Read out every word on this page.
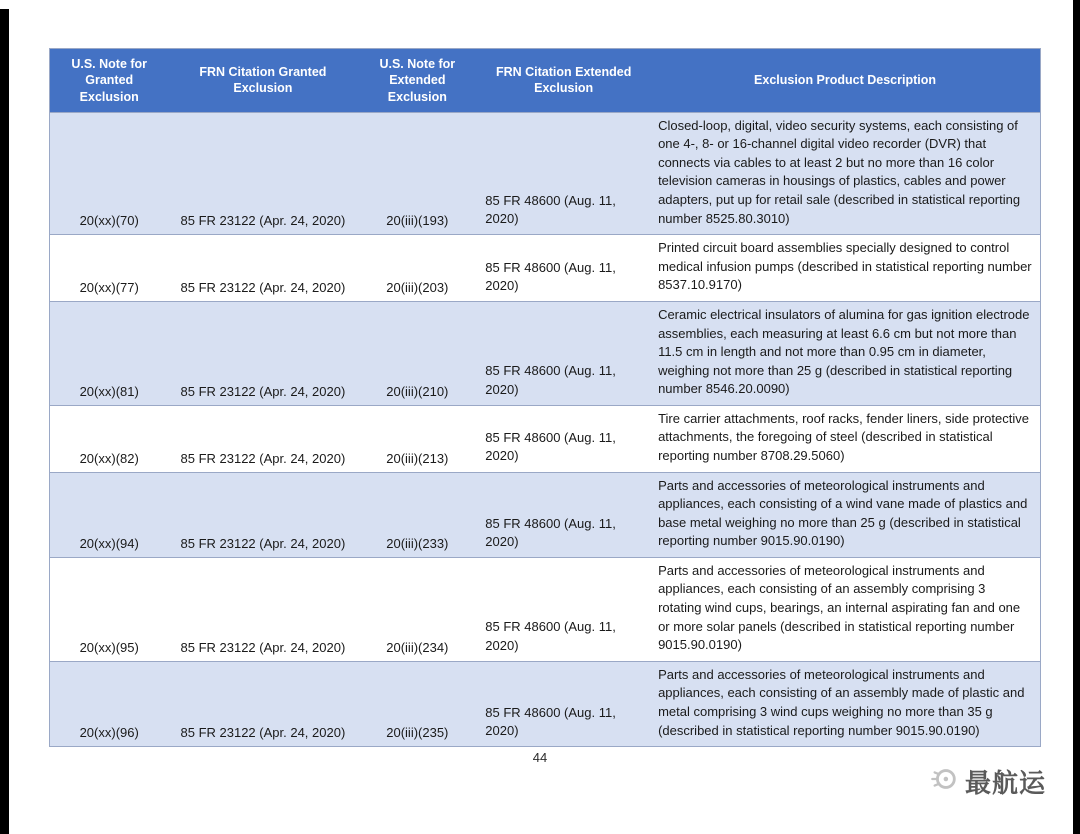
U.S. Note for Granted Exclusion	FRN Citation Granted Exclusion	U.S. Note for Extended Exclusion	FRN Citation Extended Exclusion	Exclusion Product Description
20(xx)(70)	85 FR 23122 (Apr. 24, 2020)	20(iii)(193)	85 FR 48600 (Aug. 11, 2020)	Closed-loop, digital, video security systems, each consisting of one 4-, 8- or 16-channel digital video recorder (DVR) that connects via cables to at least 2 but no more than 16 color television cameras in housings of plastics, cables and power adapters, put up for retail sale (described in statistical reporting number 8525.80.3010)
20(xx)(77)	85 FR 23122 (Apr. 24, 2020)	20(iii)(203)	85 FR 48600 (Aug. 11, 2020)	Printed circuit board assemblies specially designed to control medical infusion pumps (described in statistical reporting number 8537.10.9170)
20(xx)(81)	85 FR 23122 (Apr. 24, 2020)	20(iii)(210)	85 FR 48600 (Aug. 11, 2020)	Ceramic electrical insulators of alumina for gas ignition electrode assemblies, each measuring at least 6.6 cm but not more than 11.5 cm in length and not more than 0.95 cm in diameter, weighing not more than 25 g (described in statistical reporting number 8546.20.0090)
20(xx)(82)	85 FR 23122 (Apr. 24, 2020)	20(iii)(213)	85 FR 48600 (Aug. 11, 2020)	Tire carrier attachments, roof racks, fender liners, side protective attachments, the foregoing of steel (described in statistical reporting number 8708.29.5060)
20(xx)(94)	85 FR 23122 (Apr. 24, 2020)	20(iii)(233)	85 FR 48600 (Aug. 11, 2020)	Parts and accessories of meteorological instruments and appliances, each consisting of a wind vane made of plastics and base metal weighing no more than 25 g (described in statistical reporting number 9015.90.0190)
20(xx)(95)	85 FR 23122 (Apr. 24, 2020)	20(iii)(234)	85 FR 48600 (Aug. 11, 2020)	Parts and accessories of meteorological instruments and appliances, each consisting of an assembly comprising 3 rotating wind cups, bearings, an internal aspirating fan and one or more solar panels (described in statistical reporting number 9015.90.0190)
20(xx)(96)	85 FR 23122 (Apr. 24, 2020)	20(iii)(235)	85 FR 48600 (Aug. 11, 2020)	Parts and accessories of meteorological instruments and appliances, each consisting of an assembly made of plastic and metal comprising 3 wind cups weighing no more than 35 g (described in statistical reporting number 9015.90.0190)
44
最航运
